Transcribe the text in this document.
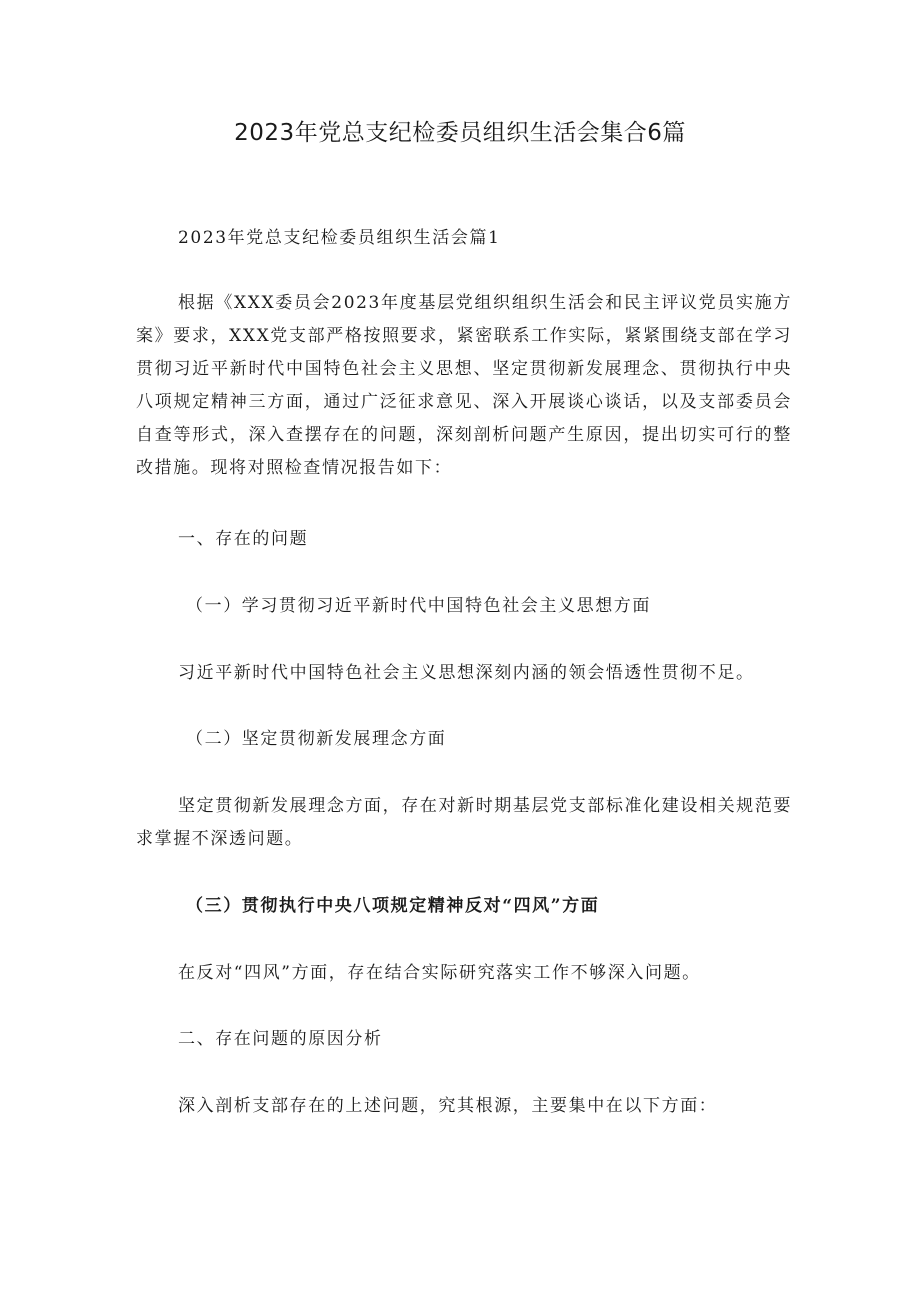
2023年党总支纪检委员组织生活会集合6篇

2023年党总支纪检委员组织生活会篇1

根据《XXX委员会2023年度基层党组织组织生活会和民主评议党员实施方案》要求，XXX党支部严格按照要求，紧密联系工作实际，紧紧围绕支部在学习贯彻习近平新时代中国特色社会主义思想、坚定贯彻新发展理念、贯彻执行中央八项规定精神三方面，通过广泛征求意见、深入开展谈心谈话，以及支部委员会自查等形式，深入查摆存在的问题，深刻剖析问题产生原因，提出切实可行的整改措施。现将对照检查情况报告如下：

一、存在的问题

（一）学习贯彻习近平新时代中国特色社会主义思想方面

习近平新时代中国特色社会主义思想深刻内涵的领会悟透性贯彻不足。

（二）坚定贯彻新发展理念方面

坚定贯彻新发展理念方面，存在对新时期基层党支部标准化建设相关规范要求掌握不深透问题。

（三）贯彻执行中央八项规定精神反对“四风”方面

在反对“四风”方面，存在结合实际研究落实工作不够深入问题。

二、存在问题的原因分析

深入剖析支部存在的上述问题，究其根源，主要集中在以下方面：
